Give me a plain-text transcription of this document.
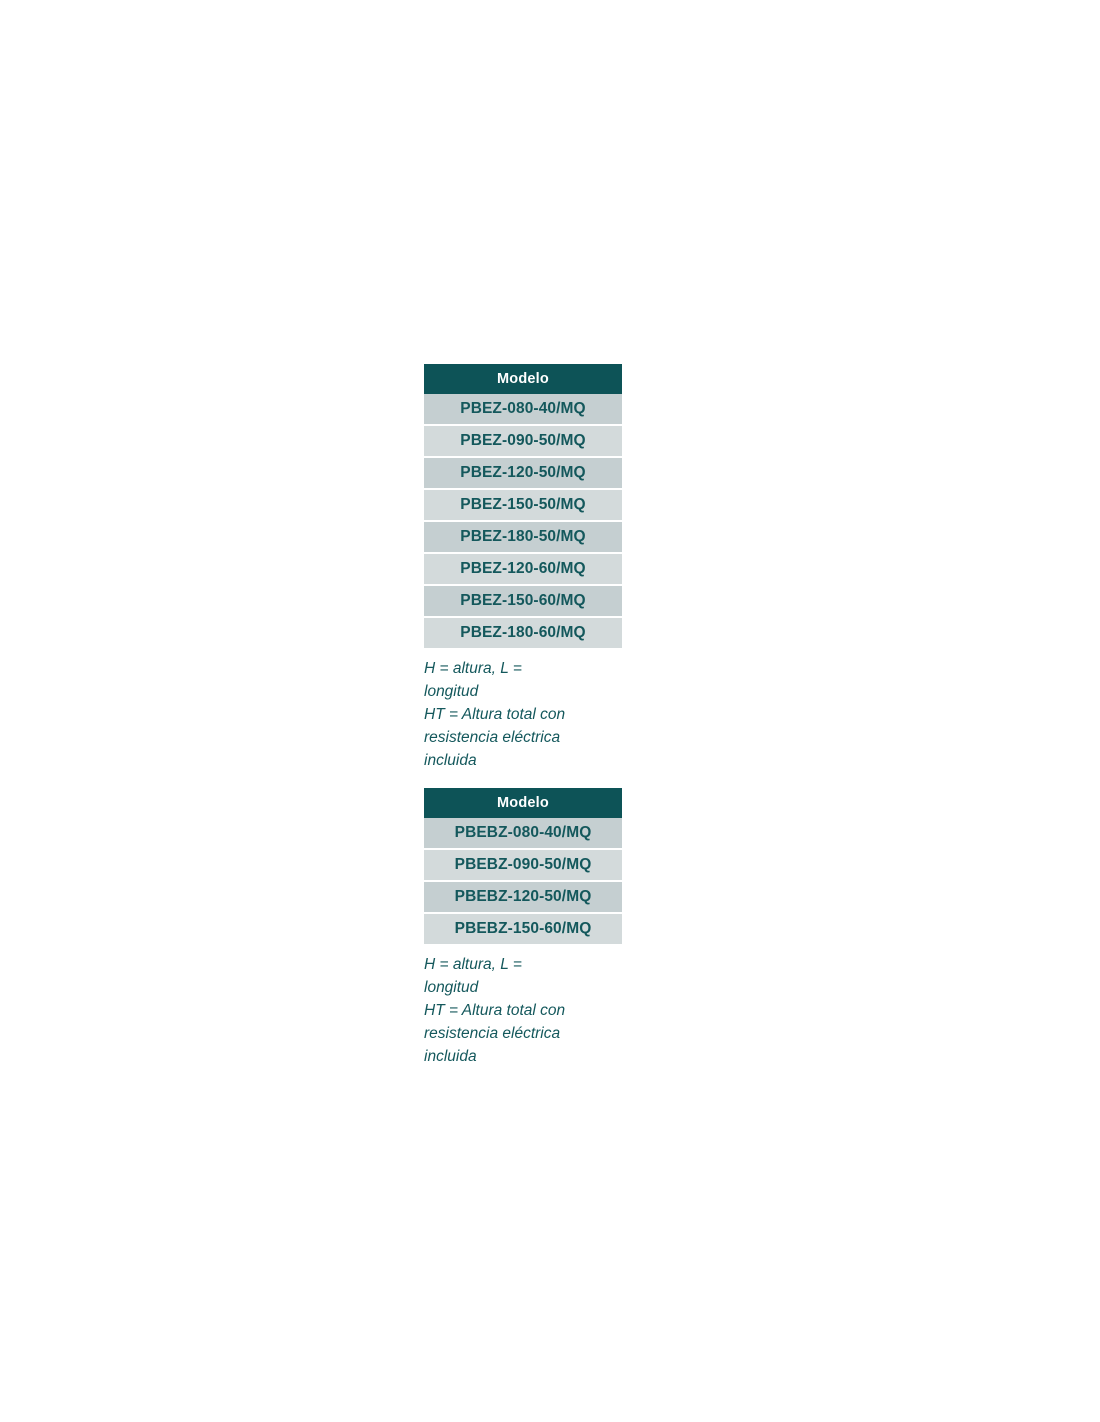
Modelo
PBEZ-080-40/MQ
PBEZ-090-50/MQ
PBEZ-120-50/MQ
PBEZ-150-50/MQ
PBEZ-180-50/MQ
PBEZ-120-60/MQ
PBEZ-150-60/MQ
PBEZ-180-60/MQ
H = altura, L =
longitud
HT = Altura total con
resistencia eléctrica
incluida
Modelo
PBEBZ-080-40/MQ
PBEBZ-090-50/MQ
PBEBZ-120-50/MQ
PBEBZ-150-60/MQ
H = altura, L =
longitud
HT = Altura total con
resistencia eléctrica
incluida
